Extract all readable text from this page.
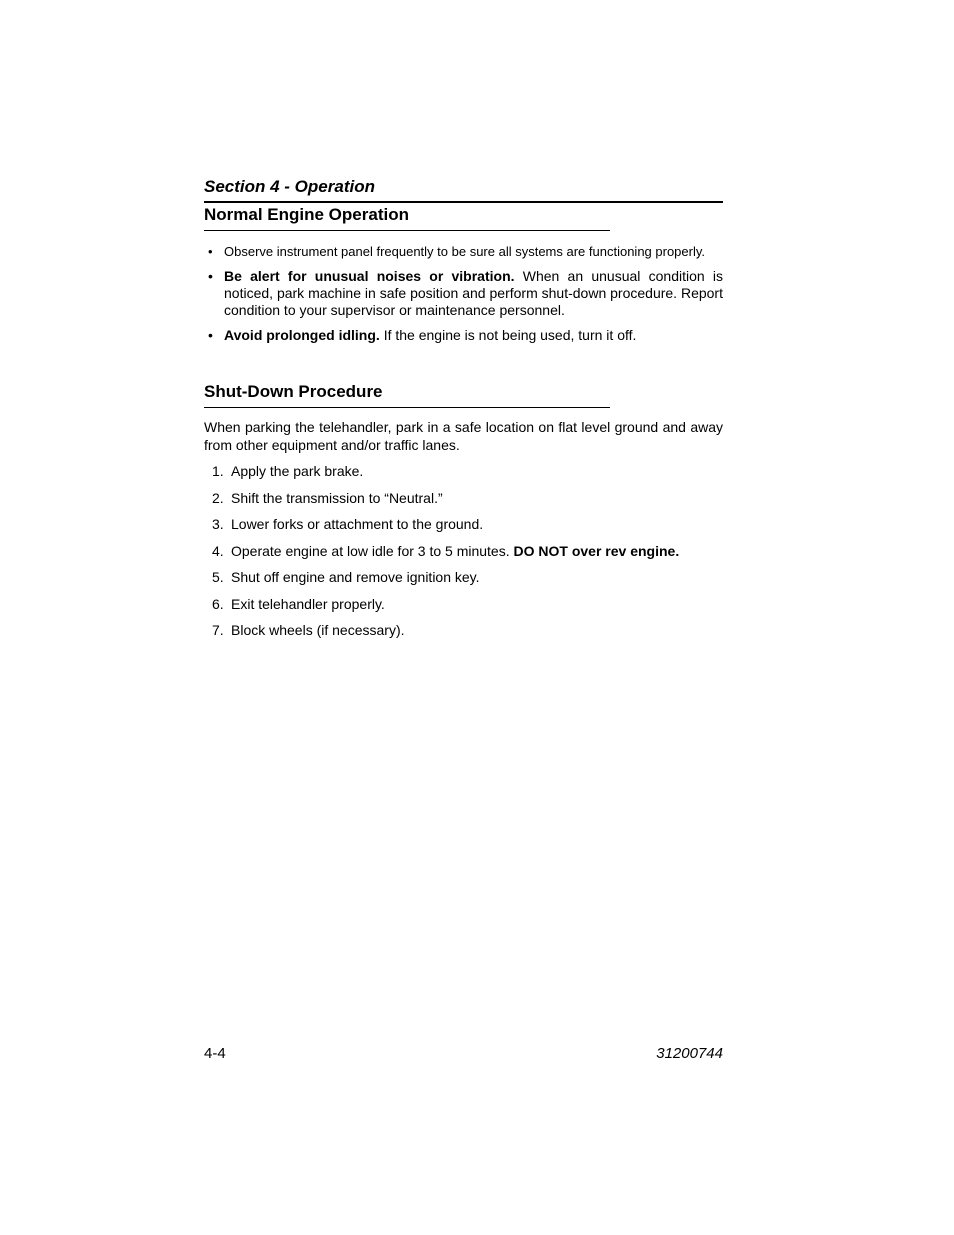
Section 4 - Operation

Normal Engine Operation
• Observe instrument panel frequently to be sure all systems are functioning properly.
• Be alert for unusual noises or vibration. When an unusual condition is noticed, park machine in safe position and perform shut-down procedure. Report condition to your supervisor or maintenance personnel.
• Avoid prolonged idling. If the engine is not being used, turn it off.
Shut-Down Procedure

When parking the telehandler, park in a safe location on flat level ground and away from other equipment and/or traffic lanes.

1. Apply the park brake.
2. Shift the transmission to “Neutral.”
3. Lower forks or attachment to the ground.
4. Operate engine at low idle for 3 to 5 minutes. DO NOT over rev engine.
5. Shut off engine and remove ignition key.
6. Exit telehandler properly.
7. Block wheels (if necessary).
4-4	31200744
